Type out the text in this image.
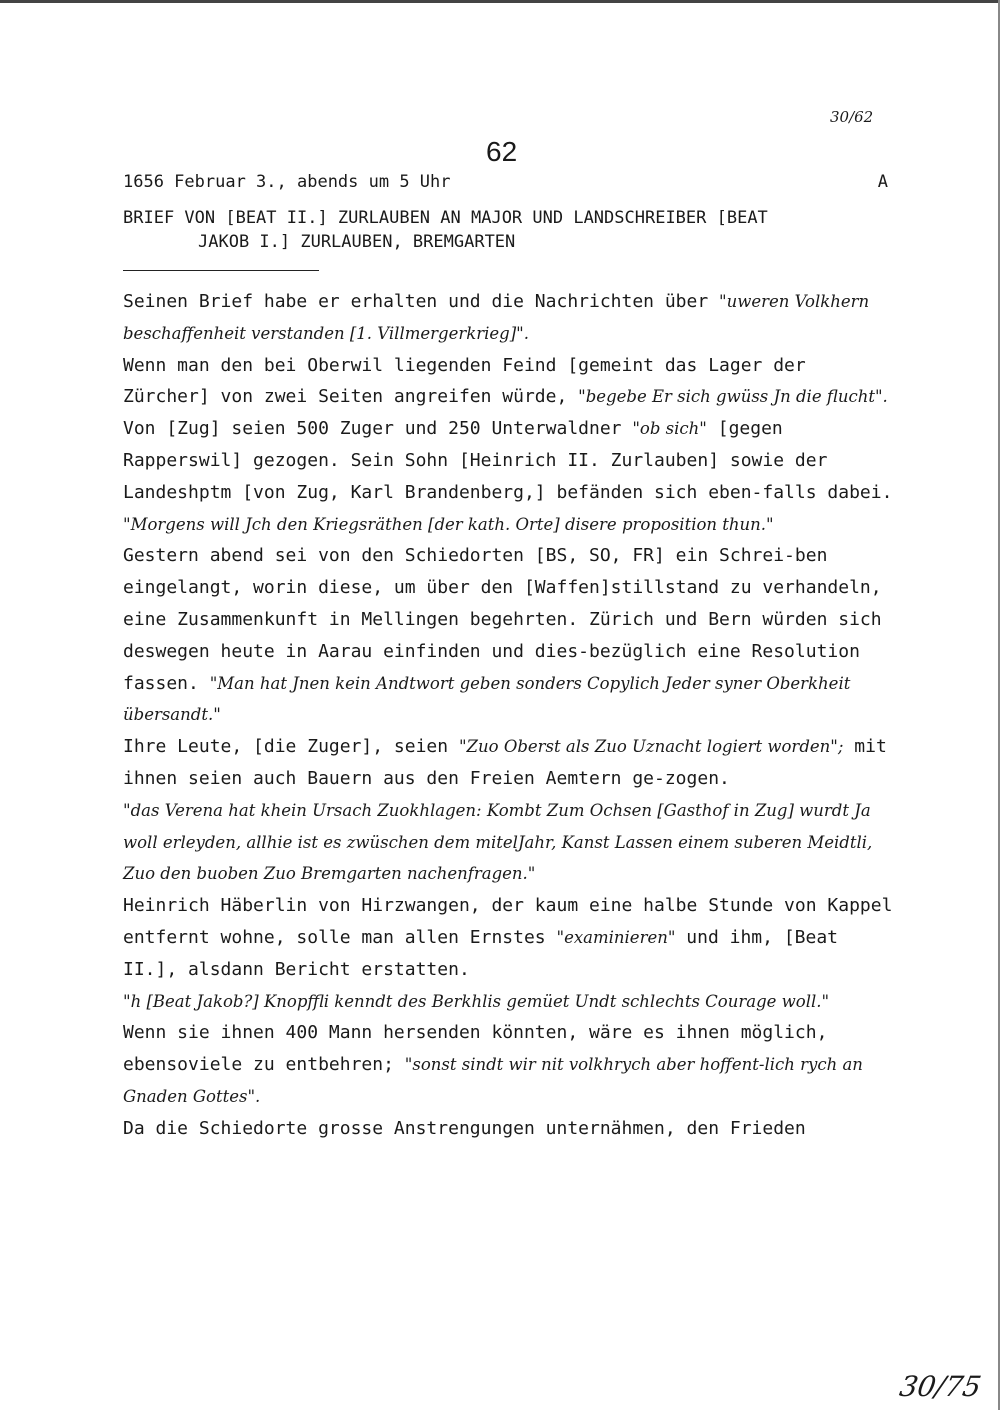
30/62
62
1656 Februar 3., abends um 5 Uhr	A
BRIEF VON [BEAT II.] ZURLAUBEN AN MAJOR UND LANDSCHREIBER [BEAT
JAKOB I.] ZURLAUBEN, BREMGARTEN

Seinen Brief habe er erhalten und die Nachrichten über "uweren Volkhern beschaffenheit verstanden [1. Villmergerkrieg]".

Wenn man den bei Oberwil liegenden Feind [gemeint das Lager der Zürcher] von zwei Seiten angreifen würde, "begebe Er sich gwüss Jn die flucht".

Von [Zug] seien 500 Zuger und 250 Unterwaldner "ob sich" [gegen Rapperswil] gezogen. Sein Sohn [Heinrich II. Zurlauben] sowie der Landeshptm [von Zug, Karl Brandenberg,] befänden sich eben-falls dabei.

"Morgens will Jch den Kriegsräthen [der kath. Orte] disere proposition thun."

Gestern abend sei von den Schiedorten [BS, SO, FR] ein Schrei-ben eingelangt, worin diese, um über den [Waffen]stillstand zu verhandeln, eine Zusammenkunft in Mellingen begehrten. Zürich und Bern würden sich deswegen heute in Aarau einfinden und dies-bezüglich eine Resolution fassen. "Man hat Jnen kein Andtwort geben sonders Copylich Jeder syner Oberkheit übersandt."

Ihre Leute, [die Zuger], seien "Zuo Oberst als Zuo Uznacht logiert worden"; mit ihnen seien auch Bauern aus den Freien Aemtern ge-zogen.

"das Verena hat khein Ursach Zuokhlagen: Kombt Zum Ochsen [Gasthof in Zug] wurdt Ja woll erleyden, allhie ist es zwüschen dem mitelJahr, Kanst Lassen einem suberen Meidtli, Zuo den buoben Zuo Bremgarten nachenfragen."

Heinrich Häberlin von Hirzwangen, der kaum eine halbe Stunde von Kappel entfernt wohne, solle man allen Ernstes "examinieren" und ihm, [Beat II.], alsdann Bericht erstatten.

"h [Beat Jakob?] Knopffli kenndt des Berkhlis gemüet Undt schlechts Courage woll."

Wenn sie ihnen 400 Mann hersenden könnten, wäre es ihnen möglich, ebensoviele zu entbehren; "sonst sindt wir nit volkhrych aber hoffent-lich rych an Gnaden Gottes".

Da die Schiedorte grosse Anstrengungen unternähmen, den Frieden

30/75
